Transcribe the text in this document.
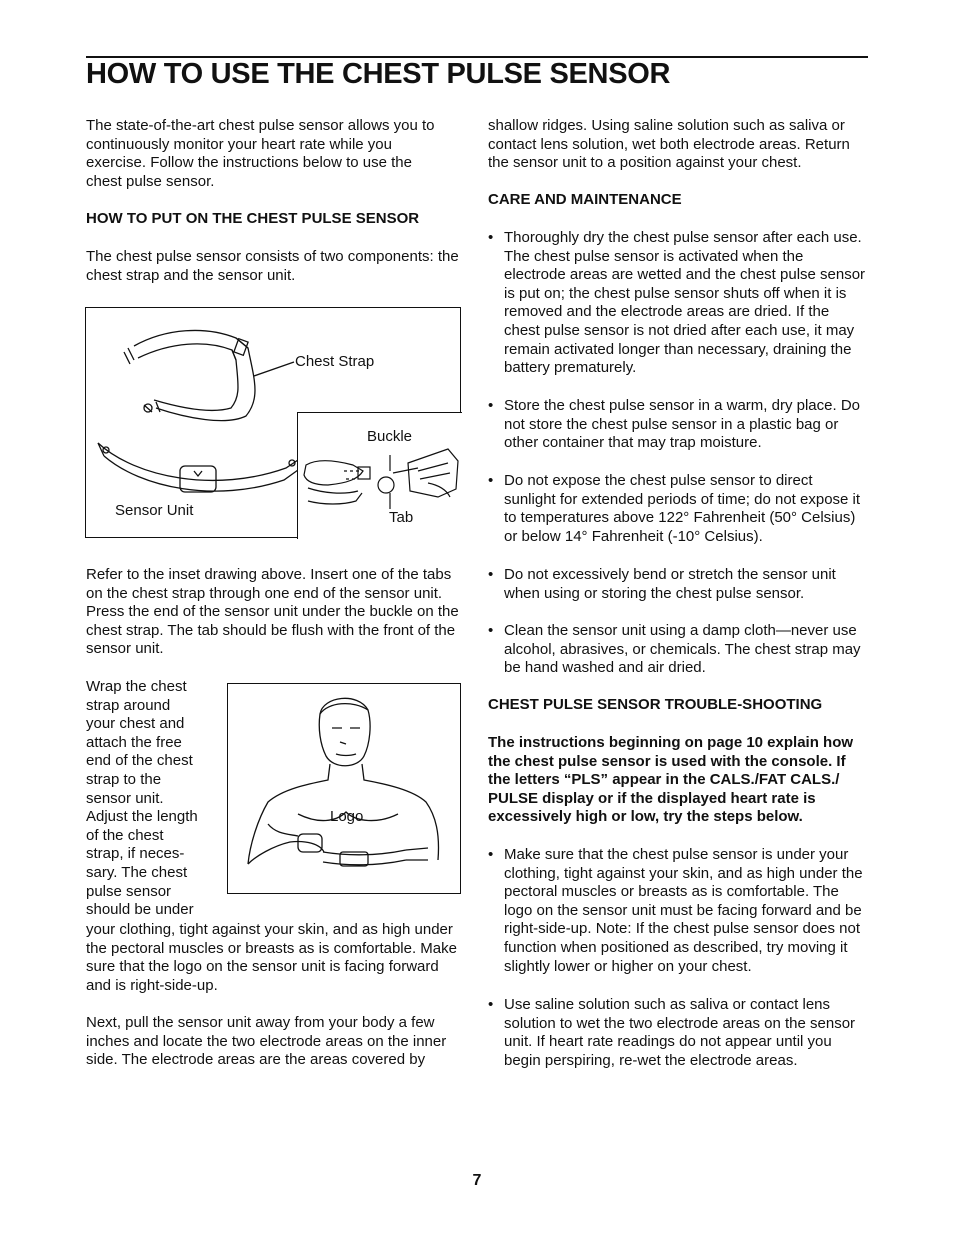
HOW TO USE THE CHEST PULSE SENSOR

The state-of-the-art chest pulse sensor allows you to continuously monitor your heart rate while you exercise. Follow the instructions below to use the chest pulse sensor.

HOW TO PUT ON THE CHEST PULSE SENSOR

The chest pulse sensor consists of two components: the chest strap and the sensor unit.

Chest Strap
Sensor Unit
Buckle
Tab

Refer to the inset drawing above. Insert one of the tabs on the chest strap through one end of the sensor unit. Press the end of the sensor unit under the buckle on the chest strap. The tab should be flush with the front of the sensor unit.

Wrap the chest
strap around
your chest and
attach the free
end of the chest
strap to the
sensor unit.
Adjust the length
of the chest
strap, if neces-
sary. The chest
pulse sensor
should be under
Logo

your clothing, tight against your skin, and as high under the pectoral muscles or breasts as is comfortable. Make sure that the logo on the sensor unit is facing forward and is right-side-up.

Next, pull the sensor unit away from your body a few inches and locate the two electrode areas on the inner side. The electrode areas are the areas covered by

shallow ridges. Using saline solution such as saliva or contact lens solution, wet both electrode areas. Return the sensor unit to a position against your chest.

CARE AND MAINTENANCE

• Thoroughly dry the chest pulse sensor after each use. The chest pulse sensor is activated when the electrode areas are wetted and the chest pulse sensor is put on; the chest pulse sensor shuts off when it is removed and the electrode areas are dried. If the chest pulse sensor is not dried after each use, it may remain activated longer than necessary, draining the battery prematurely.
• Store the chest pulse sensor in a warm, dry place. Do not store the chest pulse sensor in a plastic bag or other container that may trap moisture.
• Do not expose the chest pulse sensor to direct sunlight for extended periods of time; do not expose it to temperatures above 122° Fahrenheit (50° Celsius) or below 14° Fahrenheit (-10° Celsius).
• Do not excessively bend or stretch the sensor unit when using or storing the chest pulse sensor.
• Clean the sensor unit using a damp cloth—never use alcohol, abrasives, or chemicals. The chest strap may be hand washed and air dried.

CHEST PULSE SENSOR TROUBLE-SHOOTING

The instructions beginning on page 10 explain how the chest pulse sensor is used with the console. If the letters “PLS” appear in the CALS./FAT CALS./ PULSE display or if the displayed heart rate is excessively high or low, try the steps below.

• Make sure that the chest pulse sensor is under your clothing, tight against your skin, and as high under the pectoral muscles or breasts as is comfortable. The logo on the sensor unit must be facing forward and be right-side-up. Note: If the chest pulse sensor does not function when positioned as described, try moving it slightly lower or higher on your chest.
• Use saline solution such as saliva or contact lens solution to wet the two electrode areas on the sensor unit. If heart rate readings do not appear until you begin perspiring, re-wet the electrode areas.
7
